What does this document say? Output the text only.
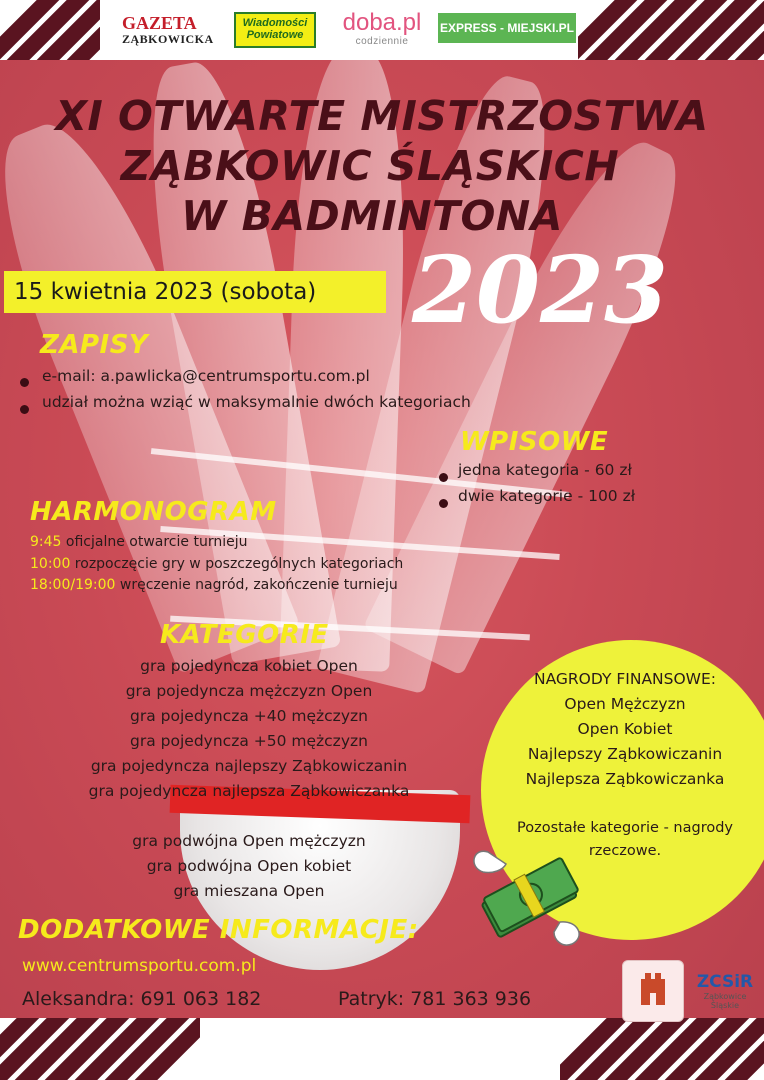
GAZETA
ZĄBKOWICKA
Wiadomości
Powiatowe	doba.pl
codziennie
EXPRESS - MIEJSKI.PL
XI OTWARTE MISTRZOSTWA
ZĄBKOWIC ŚLĄSKICH
W BADMINTONA
2023
15 kwietnia 2023 (sobota)
ZAPISY
e-mail: a.pawlicka@centrumsportu.com.pl
udział można wziąć w maksymalnie dwóch kategoriach
WPISOWE
jedna kategoria - 60 zł
dwie kategorie - 100 zł
HARMONOGRAM
9:45 oficjalne otwarcie turnieju
10:00 rozpoczęcie gry w poszczególnych kategoriach
18:00/19:00 wręczenie nagród, zakończenie turnieju
KATEGORIE
gra pojedyncza kobiet Open
gra pojedyncza mężczyzn Open
gra pojedyncza +40 mężczyzn
gra pojedyncza +50 mężczyzn
gra pojedyncza najlepszy Ząbkowiczanin
gra pojedyncza najlepsza Ząbkowiczanka
gra podwójna Open mężczyzn
gra podwójna Open kobiet
gra mieszana Open
NAGRODY FINANSOWE:
Open Mężczyzn
Open Kobiet
Najlepszy Ząbkowiczanin
Najlepsza Ząbkowiczanka
Pozostałe kategorie - nagrody
rzeczowe.
DODATKOWE INFORMACJE:
www.centrumsportu.com.pl
Aleksandra: 691 063 182	Patryk: 781 363 936
ZCSiR
Ząbkowice Śląskie
